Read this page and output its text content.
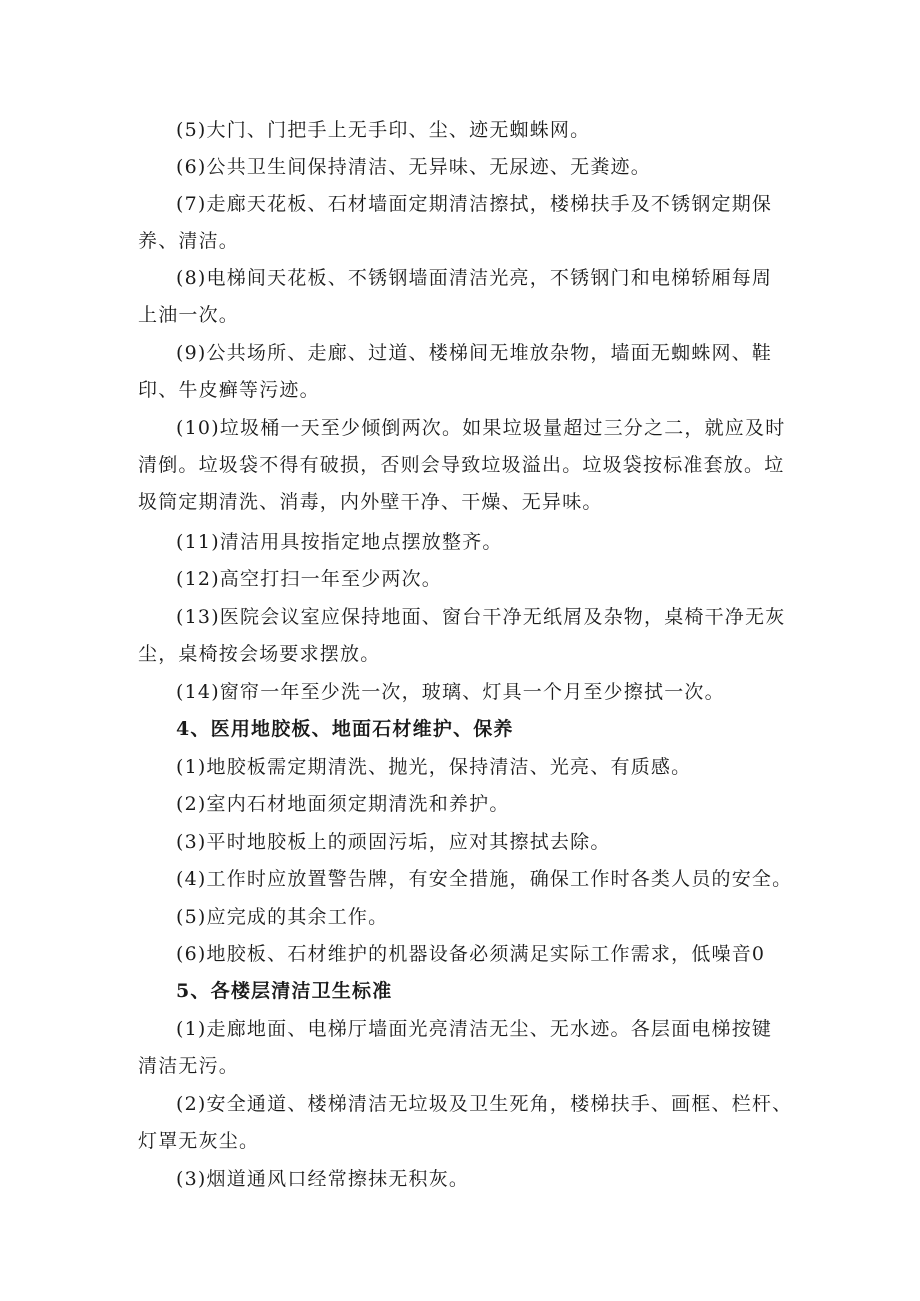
(5)大门、门把手上无手印、尘、迹无蜘蛛网。
(6)公共卫生间保持清洁、无异味、无尿迹、无粪迹。
(7)走廊天花板、石材墙面定期清洁擦拭，楼梯扶手及不锈钢定期保
养、清洁。
(8)电梯间天花板、不锈钢墙面清洁光亮，不锈钢门和电梯轿厢每周
上油一次。
(9)公共场所、走廊、过道、楼梯间无堆放杂物，墙面无蜘蛛网、鞋
印、牛皮癣等污迹。
(10)垃圾桶一天至少倾倒两次。如果垃圾量超过三分之二，就应及时
清倒。垃圾袋不得有破损，否则会导致垃圾溢出。垃圾袋按标准套放。垃
圾筒定期清洗、消毒，内外壁干净、干燥、无异味。
(11)清洁用具按指定地点摆放整齐。
(12)高空打扫一年至少两次。
(13)医院会议室应保持地面、窗台干净无纸屑及杂物，桌椅干净无灰
尘，桌椅按会场要求摆放。
(14)窗帘一年至少洗一次，玻璃、灯具一个月至少擦拭一次。
4、医用地胶板、地面石材维护、保养
(1)地胶板需定期清洗、抛光，保持清洁、光亮、有质感。
(2)室内石材地面须定期清洗和养护。
(3)平时地胶板上的顽固污垢，应对其擦拭去除。
(4)工作时应放置警告牌，有安全措施，确保工作时各类人员的安全。
(5)应完成的其余工作。
(6)地胶板、石材维护的机器设备必须满足实际工作需求，低噪音0
5、各楼层清洁卫生标准
(1)走廊地面、电梯厅墙面光亮清洁无尘、无水迹。各层面电梯按键
清洁无污。
(2)安全通道、楼梯清洁无垃圾及卫生死角，楼梯扶手、画框、栏杆、
灯罩无灰尘。
(3)烟道通风口经常擦抹无积灰。
